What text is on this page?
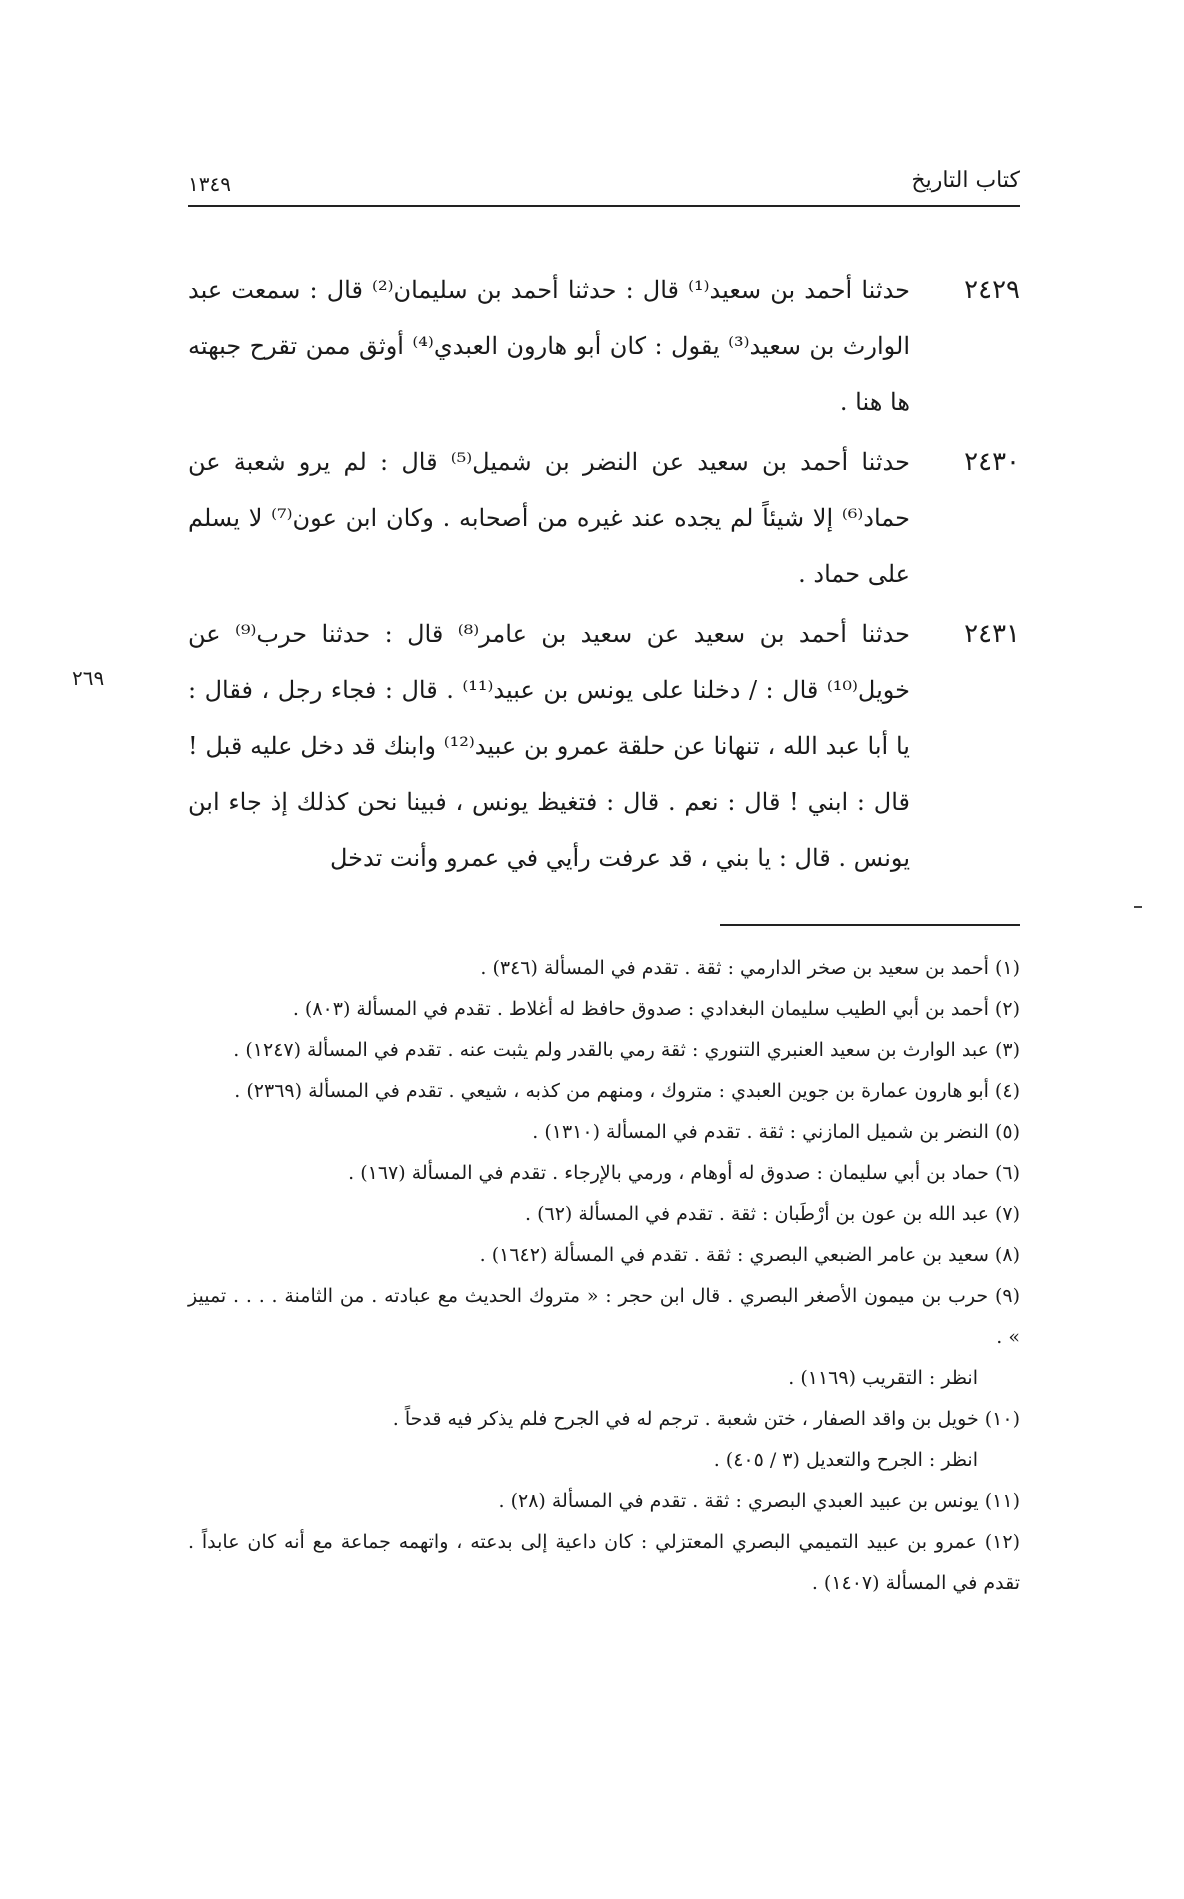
كتاب التاريخ
١٣٤٩
٢٤٢٩
حدثنا أحمد بن سعيد⁽¹⁾ قال : حدثنا أحمد بن سليمان⁽²⁾ قال : سمعت عبد الوارث بن سعيد⁽³⁾ يقول : كان أبو هارون العبدي⁽⁴⁾ أوثق ممن تقرح جبهته ها هنا .
٢٤٣٠
حدثنا أحمد بن سعيد عن النضر بن شميل⁽⁵⁾ قال : لم يرو شعبة عن حماد⁽⁶⁾ إلا شيئاً لم يجده عند غيره من أصحابه . وكان ابن عون⁽⁷⁾ لا يسلم على حماد .
٢٤٣١
حدثنا أحمد بن سعيد عن سعيد بن عامر⁽⁸⁾ قال : حدثنا حرب⁽⁹⁾ عن خويل⁽¹⁰⁾ قال : / دخلنا على يونس بن عبيد⁽¹¹⁾ . قال : فجاء رجل ، فقال : يا أبا عبد الله ، تنهانا عن حلقة عمرو بن عبيد⁽¹²⁾ وابنك قد دخل عليه قبل ! قال : ابني ! قال : نعم . قال : فتغيظ يونس ، فبينا نحن كذلك إذ جاء ابن يونس . قال : يا بني ، قد عرفت رأيي في عمرو وأنت تدخل
٢٦٩
(١) أحمد بن سعيد بن صخر الدارمي : ثقة . تقدم في المسألة (٣٤٦) .
(٢) أحمد بن أبي الطيب سليمان البغدادي : صدوق حافظ له أغلاط . تقدم في المسألة (٨٠٣) .
(٣) عبد الوارث بن سعيد العنبري التنوري : ثقة رمي بالقدر ولم يثبت عنه . تقدم في المسألة (١٢٤٧) .
(٤) أبو هارون عمارة بن جوين العبدي : متروك ، ومنهم من كذبه ، شيعي . تقدم في المسألة (٢٣٦٩) .
(٥) النضر بن شميل المازني : ثقة . تقدم في المسألة (١٣١٠) .
(٦) حماد بن أبي سليمان : صدوق له أوهام ، ورمي بالإرجاء . تقدم في المسألة (١٦٧) .
(٧) عبد الله بن عون بن أرْطَبان : ثقة . تقدم في المسألة (٦٢) .
(٨) سعيد بن عامر الضبعي البصري : ثقة . تقدم في المسألة (١٦٤٢) .
(٩) حرب بن ميمون الأصغر البصري . قال ابن حجر : « متروك الحديث مع عبادته . من الثامنة . . . . تمييز » .
انظر : التقريب (١١٦٩) .
(١٠) خويل بن واقد الصفار ، ختن شعبة . ترجم له في الجرح فلم يذكر فيه قدحاً .
انظر : الجرح والتعديل (٣ / ٤٠٥) .
(١١) يونس بن عبيد العبدي البصري : ثقة . تقدم في المسألة (٢٨) .
(١٢) عمرو بن عبيد التميمي البصري المعتزلي : كان داعية إلى بدعته ، واتهمه جماعة مع أنه كان عابداً . تقدم في المسألة (١٤٠٧) .
